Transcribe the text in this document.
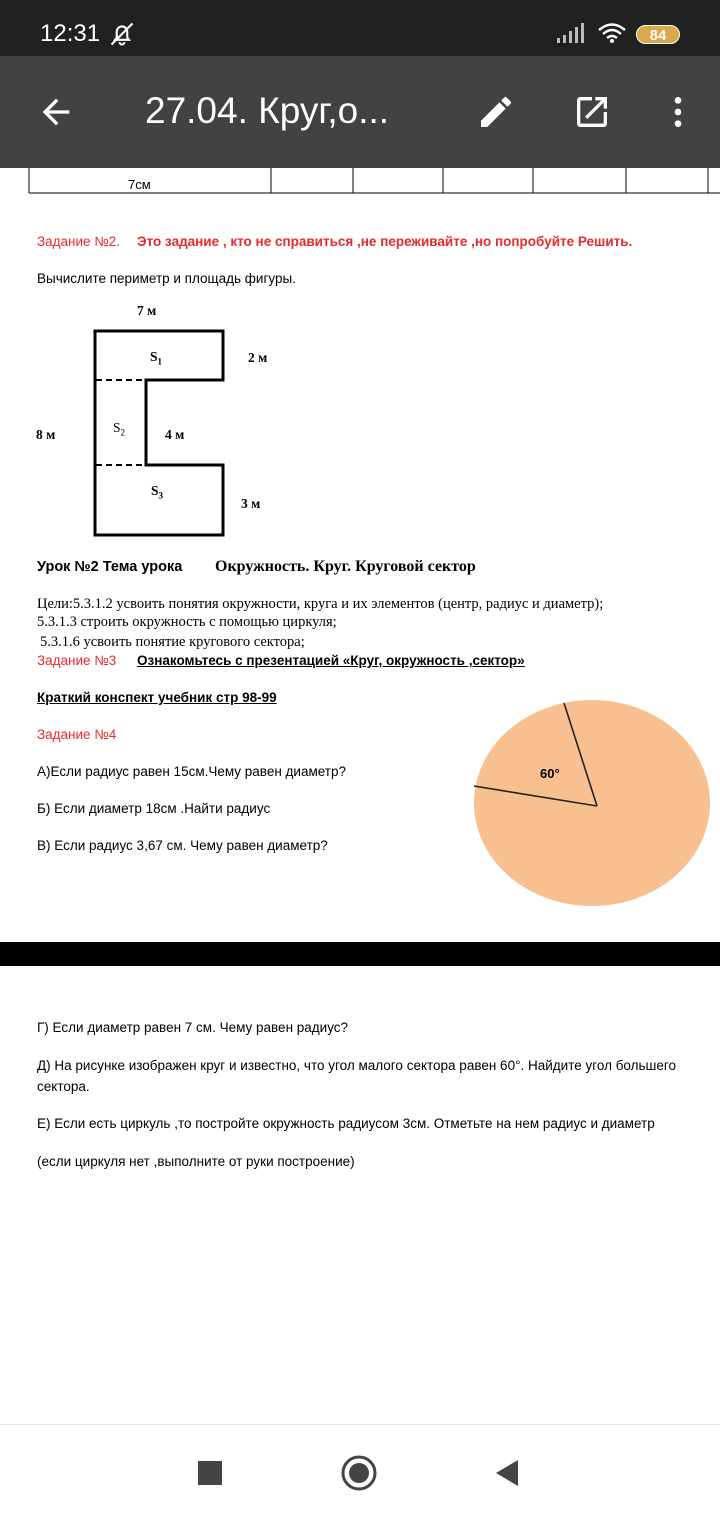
12:31	84
27.04. Круг,о...
7см
Задание №2. Это задание , кто не справиться ,не переживайте ,но попробуйте Решить.
Вычислите периметр и площадь фигуры.
7 м
2 м
8 м	4 м
3 м
$S_1$
$S_2$
$S_3$
Урок №2 Тема урока Окружность. Круг. Круговой сектор
Цели:5.3.1.2 усвоить понятия окружности, круга и их элементов (центр, радиус и диаметр);
5.3.1.3 строить окружность с помощью циркуля;
5.3.1.6 усвоить понятие кругового сектора;
Задание №3 Ознакомьтесь с презентацией «Круг, окружность ,сектор»
Краткий конспект учебник стр 98-99
Задание №4
А)Если радиус равен 15см.Чему равен диаметр?
Б) Если диаметр 18см .Найти радиус
В) Если радиус 3,67 см. Чему равен диаметр?
60°
Г) Если диаметр равен 7 см. Чему равен радиус?
Д) На рисунке изображен круг и известно, что угол малого сектора равен 60°. Найдите угол большего
сектора.
Е) Если есть циркуль ,то постройте окружность радиусом 3см. Отметьте на нем радиус и диаметр
(если циркуля нет ,выполните от руки построение)
